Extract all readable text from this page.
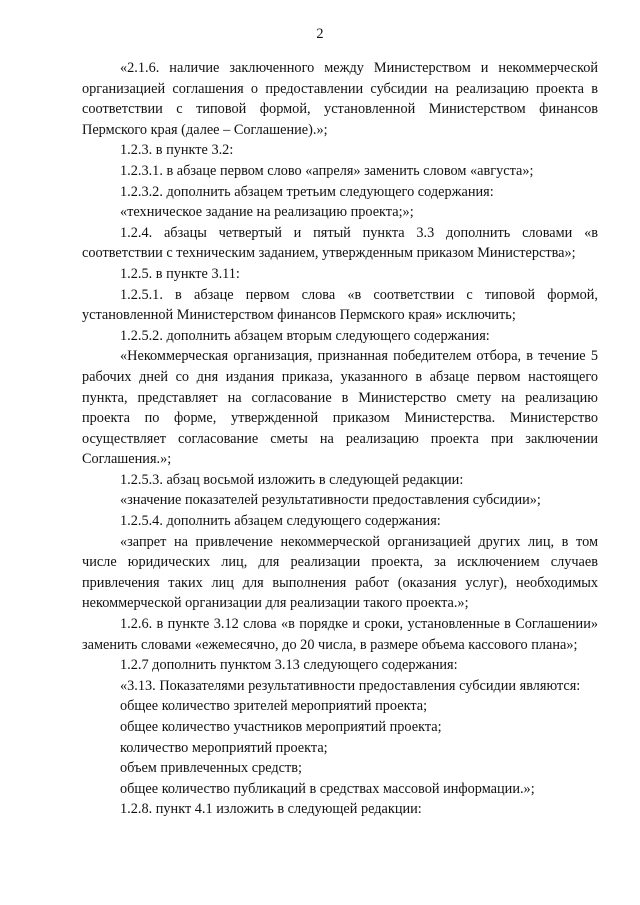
2

«2.1.6. наличие заключенного между Министерством и некоммерческой организацией соглашения о предоставлении субсидии на реализацию проекта в соответствии с типовой формой, установленной Министерством финансов Пермского края (далее – Соглашение).»;

1.2.3. в пункте 3.2:

1.2.3.1. в абзаце первом слово «апреля» заменить словом «августа»;

1.2.3.2. дополнить абзацем третьим следующего содержания:

«техническое задание на реализацию проекта;»;

1.2.4. абзацы четвертый и пятый пункта 3.3 дополнить словами «в соответствии с техническим заданием, утвержденным приказом Министерства»;

1.2.5. в пункте 3.11:

1.2.5.1. в абзаце первом слова «в соответствии с типовой формой, установленной Министерством финансов Пермского края» исключить;

1.2.5.2. дополнить абзацем вторым следующего содержания:

«Некоммерческая организация, признанная победителем отбора, в течение 5 рабочих дней со дня издания приказа, указанного в абзаце первом настоящего пункта, представляет на согласование в Министерство смету на реализацию проекта по форме, утвержденной приказом Министерства. Министерство осуществляет согласование сметы на реализацию проекта при заключении Соглашения.»;

1.2.5.3. абзац восьмой изложить в следующей редакции:

«значение показателей результативности предоставления субсидии»;

1.2.5.4. дополнить абзацем следующего содержания:

«запрет на привлечение некоммерческой организацией других лиц, в том числе юридических лиц, для реализации проекта, за исключением случаев привлечения таких лиц для выполнения работ (оказания услуг), необходимых некоммерческой организации для реализации такого проекта.»;

1.2.6. в пункте 3.12 слова «в порядке и сроки, установленные в Соглашении» заменить словами «ежемесячно, до 20 числа, в размере объема кассового плана»;

1.2.7 дополнить пунктом 3.13 следующего содержания:

«3.13. Показателями результативности предоставления субсидии являются:

общее количество зрителей мероприятий проекта;

общее количество участников мероприятий проекта;

количество мероприятий проекта;

объем привлеченных средств;

общее количество публикаций в средствах массовой информации.»;

1.2.8. пункт 4.1 изложить в следующей редакции:
